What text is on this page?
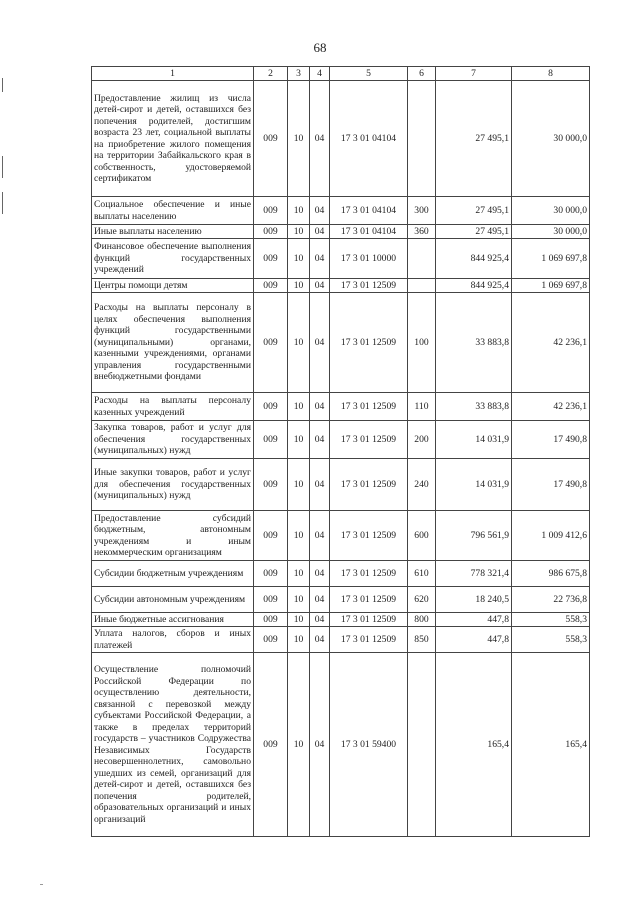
68
1	2	3	4	5	6	7	8
Предоставление жилищ из числа детей-сирот и детей, оставшихся без попечения родителей, достигшим возраста 23 лет, социальной выплаты на приобретение жилого помещения на территории Забайкальского края в собственность, удостоверяемой сертификатом	009	10	04	17 3 01 04104		27 495,1	30 000,0
Социальное обеспечение и иные выплаты населению	009	10	04	17 3 01 04104	300	27 495,1	30 000,0
Иные выплаты населению	009	10	04	17 3 01 04104	360	27 495,1	30 000,0
Финансовое обеспечение выполнения функций государственных учреждений	009	10	04	17 3 01 10000		844 925,4	1 069 697,8
Центры помощи детям	009	10	04	17 3 01 12509		844 925,4	1 069 697,8
Расходы на выплаты персоналу в целях обеспечения выполнения функций государственными (муниципальными) органами, казенными учреждениями, органами управления государственными внебюджетными фондами	009	10	04	17 3 01 12509	100	33 883,8	42 236,1
Расходы на выплаты персоналу казенных учреждений	009	10	04	17 3 01 12509	110	33 883,8	42 236,1
Закупка товаров, работ и услуг для обеспечения государственных (муниципальных) нужд	009	10	04	17 3 01 12509	200	14 031,9	17 490,8
Иные закупки товаров, работ и услуг для обеспечения государственных (муниципальных) нужд	009	10	04	17 3 01 12509	240	14 031,9	17 490,8
Предоставление субсидий бюджетным, автономным учреждениям и иным некоммерческим организациям	009	10	04	17 3 01 12509	600	796 561,9	1 009 412,6
Субсидии бюджетным учреждениям	009	10	04	17 3 01 12509	610	778 321,4	986 675,8
Субсидии автономным учреждениям	009	10	04	17 3 01 12509	620	18 240,5	22 736,8
Иные бюджетные ассигнования	009	10	04	17 3 01 12509	800	447,8	558,3
Уплата налогов, сборов и иных платежей	009	10	04	17 3 01 12509	850	447,8	558,3
Осуществление полномочий Российской Федерации по осуществлению деятельности, связанной с перевозкой между субъектами Российской Федерации, а также в пределах территорий государств – участников Содружества Независимых Государств несовершеннолетних, самовольно ушедших из семей, организаций для детей-сирот и детей, оставшихся без попечения родителей, образовательных организаций и иных организаций	009	10	04	17 3 01 59400		165,4	165,4
